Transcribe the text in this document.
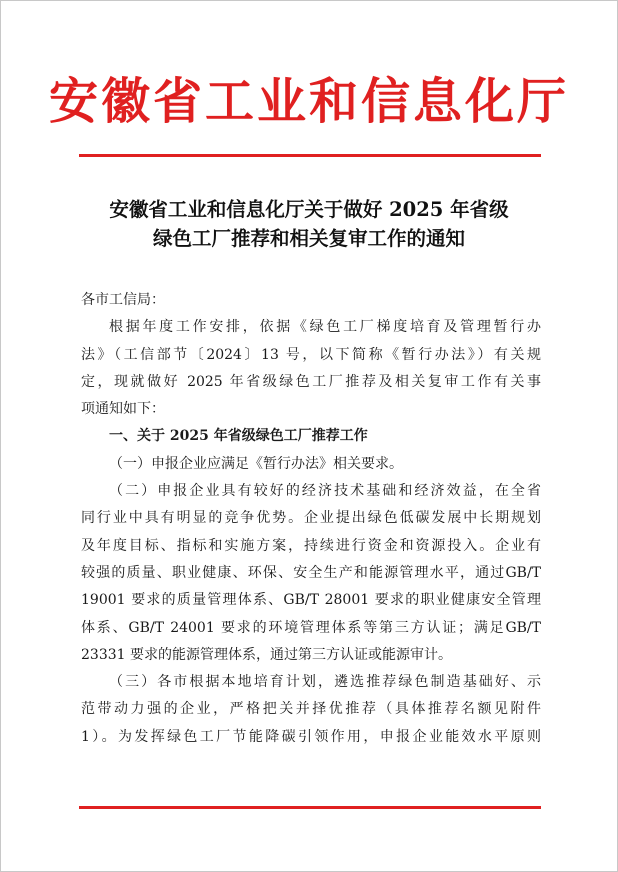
安徽省工业和信息化厅
安徽省工业和信息化厅关于做好 2025 年省级
绿色工厂推荐和相关复审工作的通知
各市工信局：
根据年度工作安排，依据《绿色工厂梯度培育及管理暂行办
法》（工信部节〔2024〕13 号，以下简称《暂行办法》）有关规
定，现就做好 2025 年省级绿色工厂推荐及相关复审工作有关事
项通知如下：
一、关于 2025 年省级绿色工厂推荐工作
（一）申报企业应满足《暂行办法》相关要求。
（二）申报企业具有较好的经济技术基础和经济效益，在全省
同行业中具有明显的竞争优势。企业提出绿色低碳发展中长期规划
及年度目标、指标和实施方案，持续进行资金和资源投入。企业有
较强的质量、职业健康、环保、安全生产和能源管理水平，通过GB/T
19001 要求的质量管理体系、GB/T 28001 要求的职业健康安全管理
体系、GB/T 24001 要求的环境管理体系等第三方认证；满足GB/T
23331 要求的能源管理体系，通过第三方认证或能源审计。
（三）各市根据本地培育计划，遴选推荐绿色制造基础好、示
范带动力强的企业，严格把关并择优推荐（具体推荐名额见附件
1）。为发挥绿色工厂节能降碳引领作用，申报企业能效水平原则
